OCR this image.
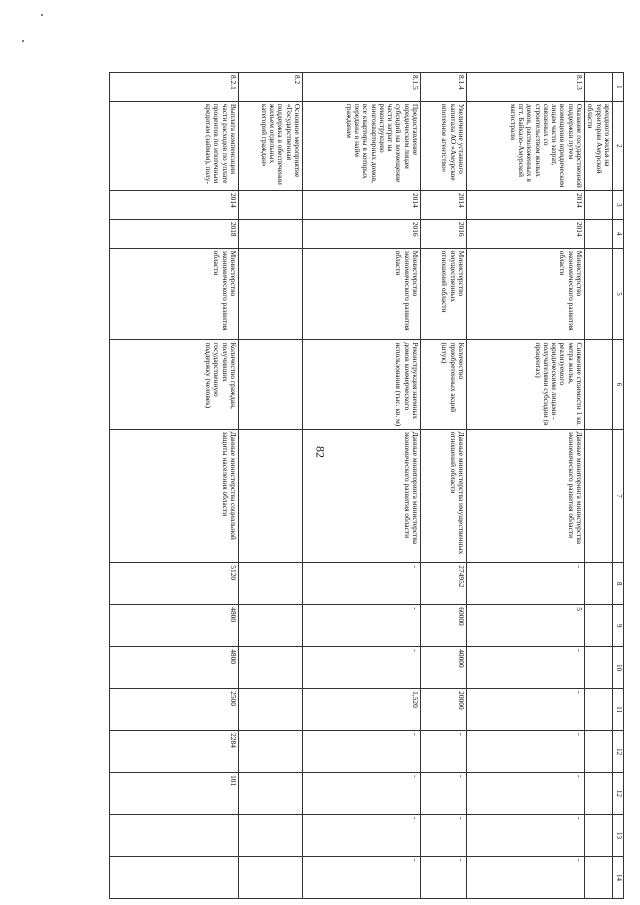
82
1	2	3	4	5	6	7	8	9	10	11	12	12	13	14
	арендного жилья на территории Амурской области													
8.1.3	Оказание государственной поддержки путем возмещения юридическим лицам части затрат, связанных со строительством жилых домов, расположенных в пгт. Байкало-Амурской магистрали	2014	2014	Министерство экономического развития области	Снижение стоимости 1 кв. метра жилья, реализуемого юридическими лицами - получателями субсидии (в процентах)	Данные мониторинга министерства экономического развития области	-	5	-	-	-	-	-	-
8.1.4	Увеличение уставного капитала АО «Амурское ипотечное агентство»	2014	2016	Министерство имущественных отношений области	Количество приобретенных акций (штук)	Данные министерства имущественных отношений области	274952	60000	40000	20000	-	-	-	-
8.1.5	Предоставление юридическим лицам субсидий на возмещение части затрат на реконструкцию многоквартирных домов, все квартиры в которых переданы в найм гражданам	2014	2016	Министерство экономического развития области	Реконструкция наемных домов коммерческого использования (тыс. кв. м)	Данные мониторинга министерства экономического развития области	-	-	-	1,520	-	-	-	-
8.2	Основное мероприятие «Государственная поддержка в обеспечении жильем отдельных категорий граждан»													
8.2.1	Выплата компенсации части расходов по уплате процентов по ипотечным кредитам (займам), полу-	2014	2018	Министерство экономического развития области	Количество граждан, получивших государственную поддержку (человек)	Данные министерства социальной защиты населения области	5120	4800	4800	2500	2284	101		
